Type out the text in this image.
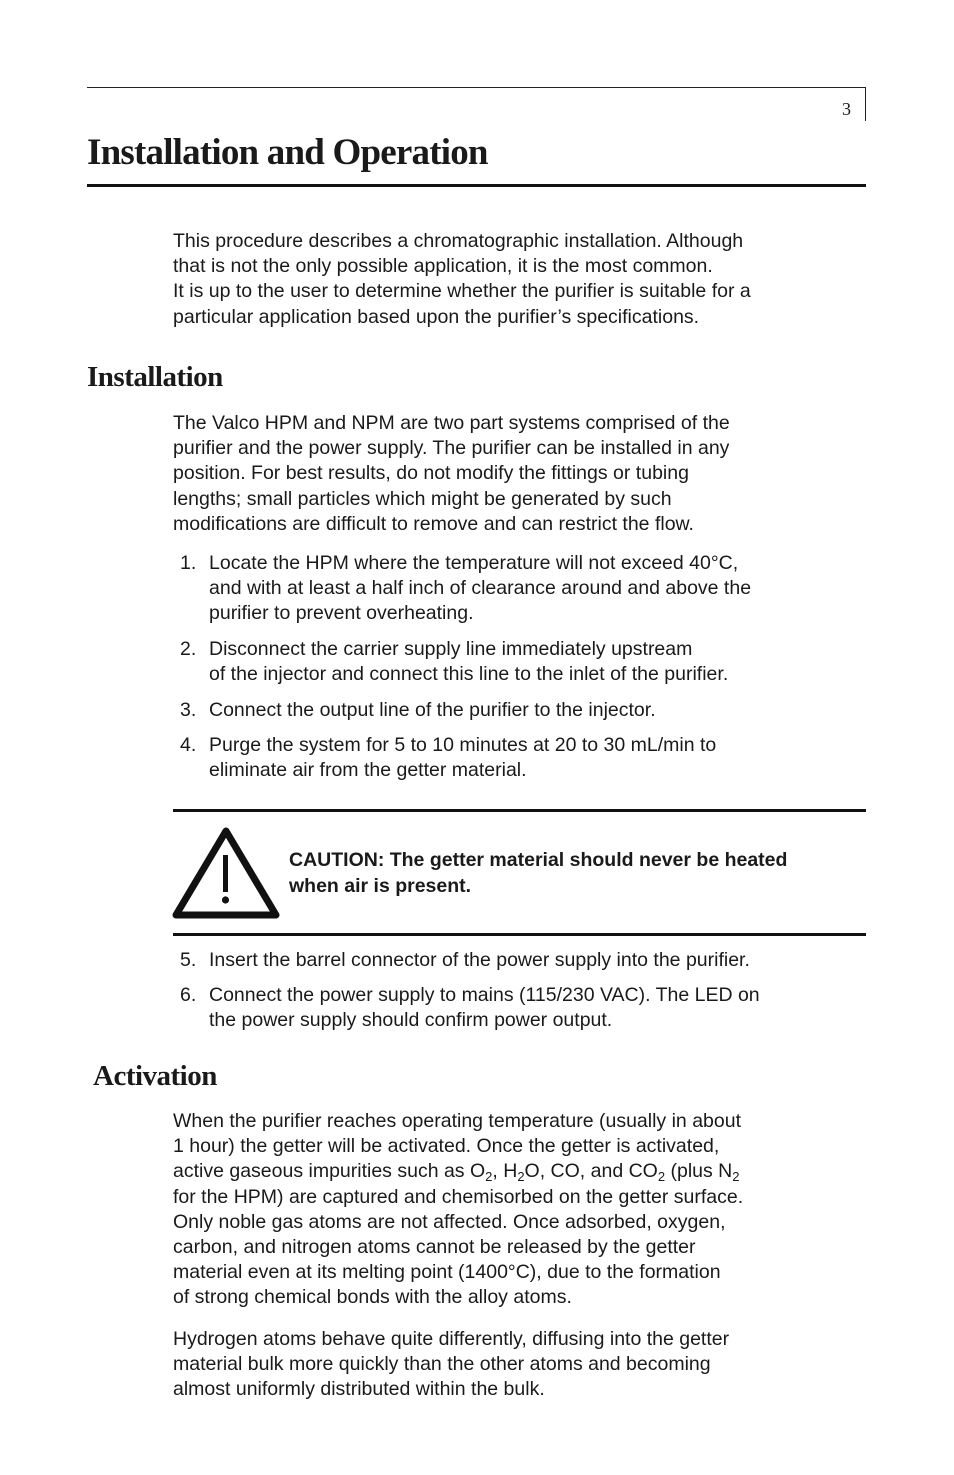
3
Installation and Operation

This procedure describes a chromatographic installation. Although
that is not the only possible application, it is the most common.
It is up to the user to determine whether the purifier is suitable for a
particular application based upon the purifier’s specifications.

Installation

The Valco HPM and NPM are two part systems comprised of the
purifier and the power supply. The purifier can be installed in any
position. For best results, do not modify the fittings or tubing
lengths; small particles which might be generated by such
modifications are difficult to remove and can restrict the flow.

1. Locate the HPM where the temperature will not exceed 40°C,
and with at least a half inch of clearance around and above the
purifier to prevent overheating.
2. Disconnect the carrier supply line immediately upstream
of the injector and connect this line to the inlet of the purifier.
3. Connect the output line of the purifier to the injector.
4. Purge the system for 5 to 10 minutes at 20 to 30 mL/min to
eliminate air from the getter material.
CAUTION: The getter material should never be heated
when air is present.
5. Insert the barrel connector of the power supply into the purifier.
6. Connect the power supply to mains (115/230 VAC). The LED on
the power supply should confirm power output.
Activation

When the purifier reaches operating temperature (usually in about
1 hour) the getter will be activated. Once the getter is activated,
active gaseous impurities such as $O_2$, $H_2O$, CO, and $CO_2$ (plus $N_2$
for the HPM) are captured and chemisorbed on the getter surface.
Only noble gas atoms are not affected. Once adsorbed, oxygen,
carbon, and nitrogen atoms cannot be released by the getter
material even at its melting point (1400°C), due to the formation
of strong chemical bonds with the alloy atoms.

Hydrogen atoms behave quite differently, diffusing into the getter
material bulk more quickly than the other atoms and becoming
almost uniformly distributed within the bulk.
